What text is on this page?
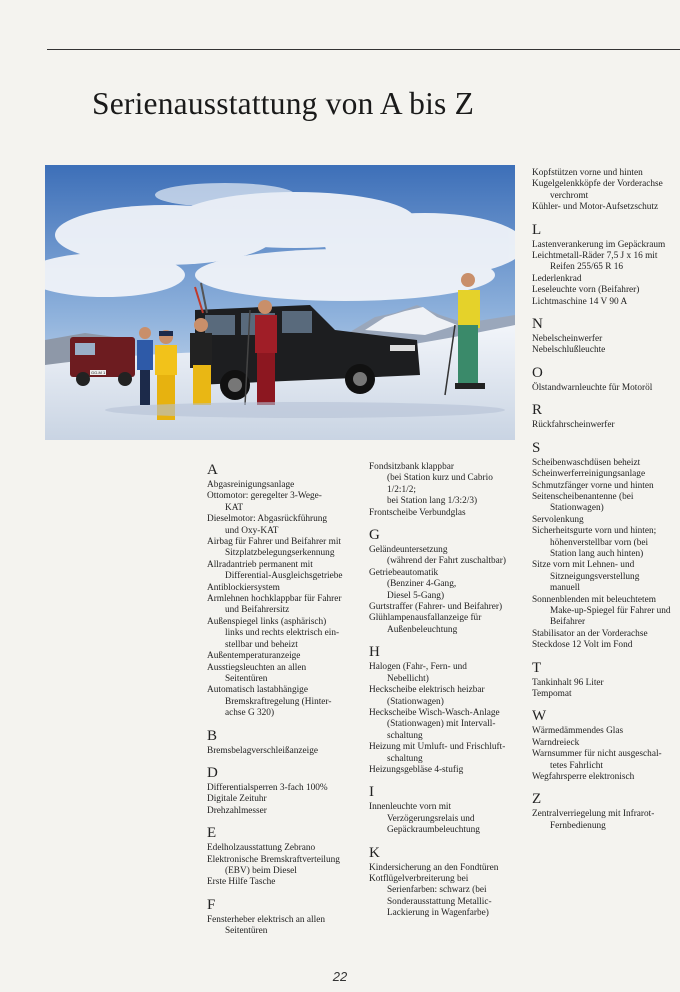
Serienausstattung von A bis Z
GG-M 1
A
Abgasreinigungsanlage
Ottomotor: geregelter 3-Wege-
KAT
Dieselmotor: Abgasrückführung
und Oxy-KAT
Airbag für Fahrer und Beifahrer mit
Sitzplatzbelegungserkennung
Allradantrieb permanent mit
Differential-Ausgleichsgetriebe
Antiblockiersystem
Armlehnen hochklappbar für Fahrer
und Beifahrersitz
Außenspiegel links (asphärisch)
links und rechts elektrisch ein-
stellbar und beheizt
Außentemperaturanzeige
Ausstiegsleuchten an allen
Seitentüren
Automatisch lastabhängige
Bremskraftregelung (Hinter-
achse G 320)
B
Bremsbelagverschleißanzeige
D
Differentialsperren 3-fach 100%
Digitale Zeituhr
Drehzahlmesser
E
Edelholzausstattung Zebrano
Elektronische Bremskraftverteilung
(EBV) beim Diesel
Erste Hilfe Tasche
F
Fensterheber elektrisch an allen
Seitentüren
Fondsitzbank klappbar
(bei Station kurz und Cabrio
1/2:1/2;
bei Station lang 1/3:2/3)
Frontscheibe Verbundglas
G
Geländeuntersetzung
(während der Fahrt zuschaltbar)
Getriebeautomatik
(Benziner 4-Gang,
Diesel 5-Gang)
Gurtstraffer (Fahrer- und Beifahrer)
Glühlampenausfallanzeige für
Außenbeleuchtung
H
Halogen (Fahr-, Fern- und
Nebellicht)
Heckscheibe elektrisch heizbar
(Stationwagen)
Heckscheibe Wisch-Wasch-Anlage
(Stationwagen) mit Intervall-
schaltung
Heizung mit Umluft- und Frischluft-
schaltung
Heizungsgebläse 4-stufig
I
Innenleuchte vorn mit
Verzögerungsrelais und
Gepäckraumbeleuchtung
K
Kindersicherung an den Fondtüren
Kotflügelverbreiterung bei
Serienfarben: schwarz (bei
Sonderausstattung Metallic-
Lackierung in Wagenfarbe)
Kopfstützen vorne und hinten
Kugelgelenkköpfe der Vorderachse
verchromt
Kühler- und Motor-Aufsetzschutz
L
Lastenverankerung im Gepäckraum
Leichtmetall-Räder 7,5 J x 16 mit
Reifen 255/65 R 16
Lederlenkrad
Leseleuchte vorn (Beifahrer)
Lichtmaschine 14 V 90 A
N
Nebelscheinwerfer
Nebelschlußleuchte
O
Ölstandwarnleuchte für Motoröl
R
Rückfahrscheinwerfer
S
Scheibenwaschdüsen beheizt
Scheinwerferreinigungsanlage
Schmutzfänger vorne und hinten
Seitenscheibenantenne (bei
Stationwagen)
Servolenkung
Sicherheitsgurte vorn und hinten;
höhenverstellbar vorn (bei
Station lang auch hinten)
Sitze vorn mit Lehnen- und
Sitzneigungsverstellung
manuell
Sonnenblenden mit beleuchtetem
Make-up-Spiegel für Fahrer und
Beifahrer
Stabilisator an der Vorderachse
Steckdose 12 Volt im Fond
T
Tankinhalt 96 Liter
Tempomat
W
Wärmedämmendes Glas
Warndreieck
Warnsummer für nicht ausgeschal-
tetes Fahrlicht
Wegfahrsperre elektronisch
Z
Zentralverriegelung mit Infrarot-
Fernbedienung
22
